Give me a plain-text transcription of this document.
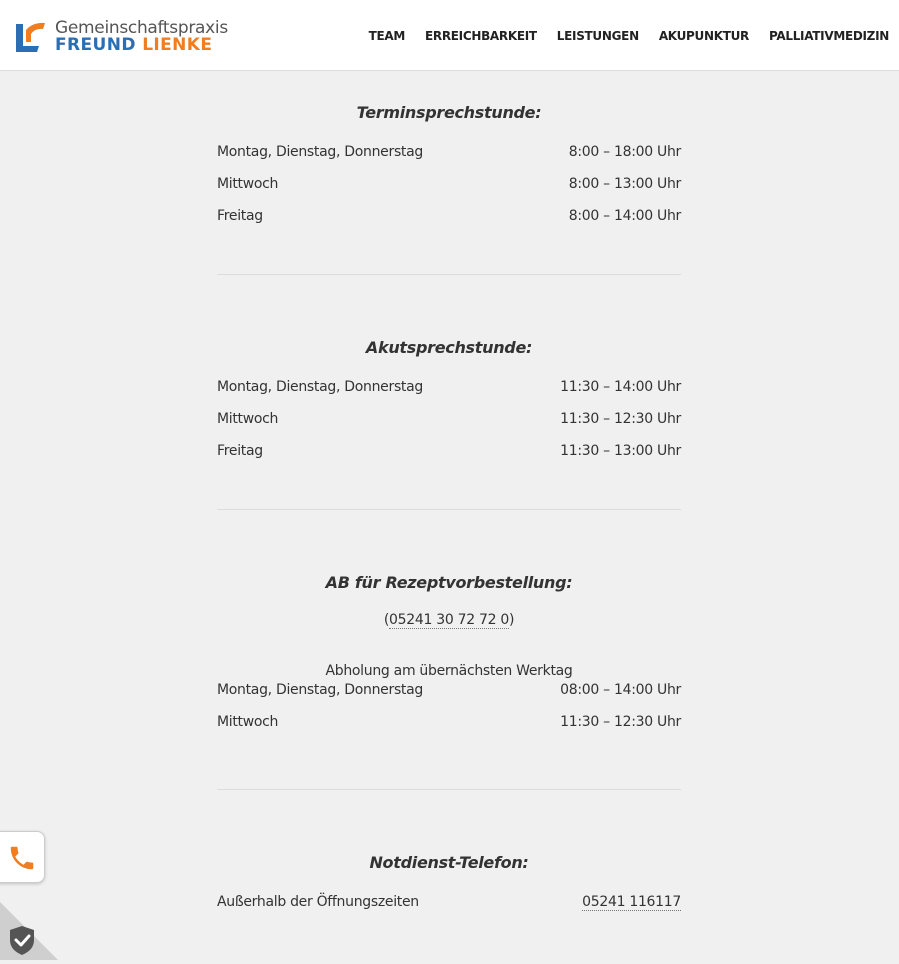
Gemeinschaftspraxis
FREUND LIENKE	TEAM ERREICHBARKEIT LEISTUNGEN AKUPUNKTUR PALLIATIVMEDIZIN
Terminsprechstunde:
Montag, Dienstag, Donnerstag	8:00 – 18:00 Uhr
Mittwoch	8:00 – 13:00 Uhr
Freitag	8:00 – 14:00 Uhr
Akutsprechstunde:
Montag, Dienstag, Donnerstag	11:30 – 14:00 Uhr
Mittwoch	11:30 – 12:30 Uhr
Freitag	11:30 – 13:00 Uhr
AB für Rezeptvorbestellung:
(05241 30 72 72 0)
Abholung am übernächsten Werktag
Montag, Dienstag, Donnerstag	08:00 – 14:00 Uhr
Mittwoch	11:30 – 12:30 Uhr
Notdienst-Telefon:
Außerhalb der Öffnungszeiten	05241 116117
